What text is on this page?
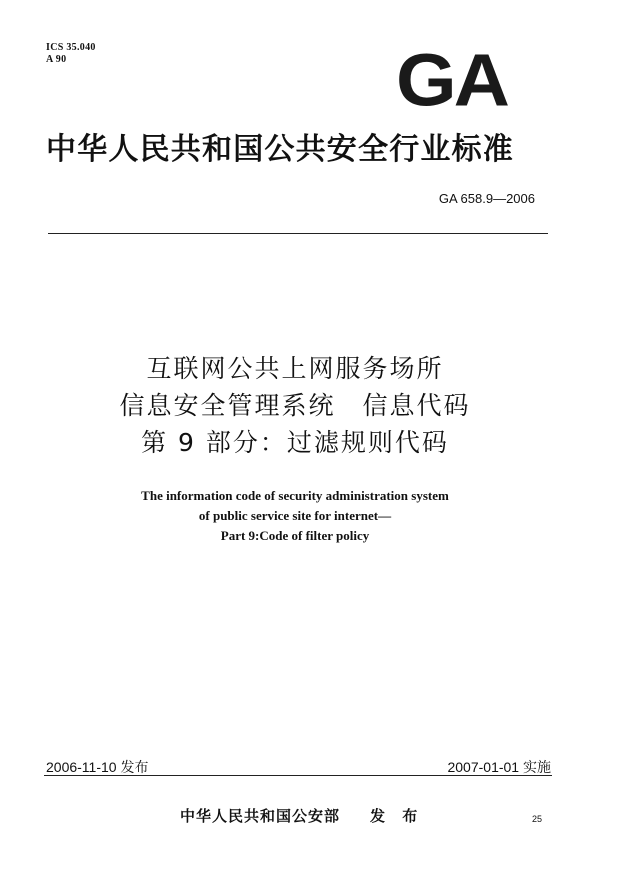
ICS 35.040
A 90	GA
中华人民共和国公共安全行业标准
GA 658.9—2006
互联网公共上网服务场所
信息安全管理系统　信息代码
第 9 部分：过滤规则代码
The information code of security administration system
of public service site for internet—
Part 9:Code of filter policy
2006-11-10 发布	2007-01-01 实施
中华人民共和国公安部 发 布	25
